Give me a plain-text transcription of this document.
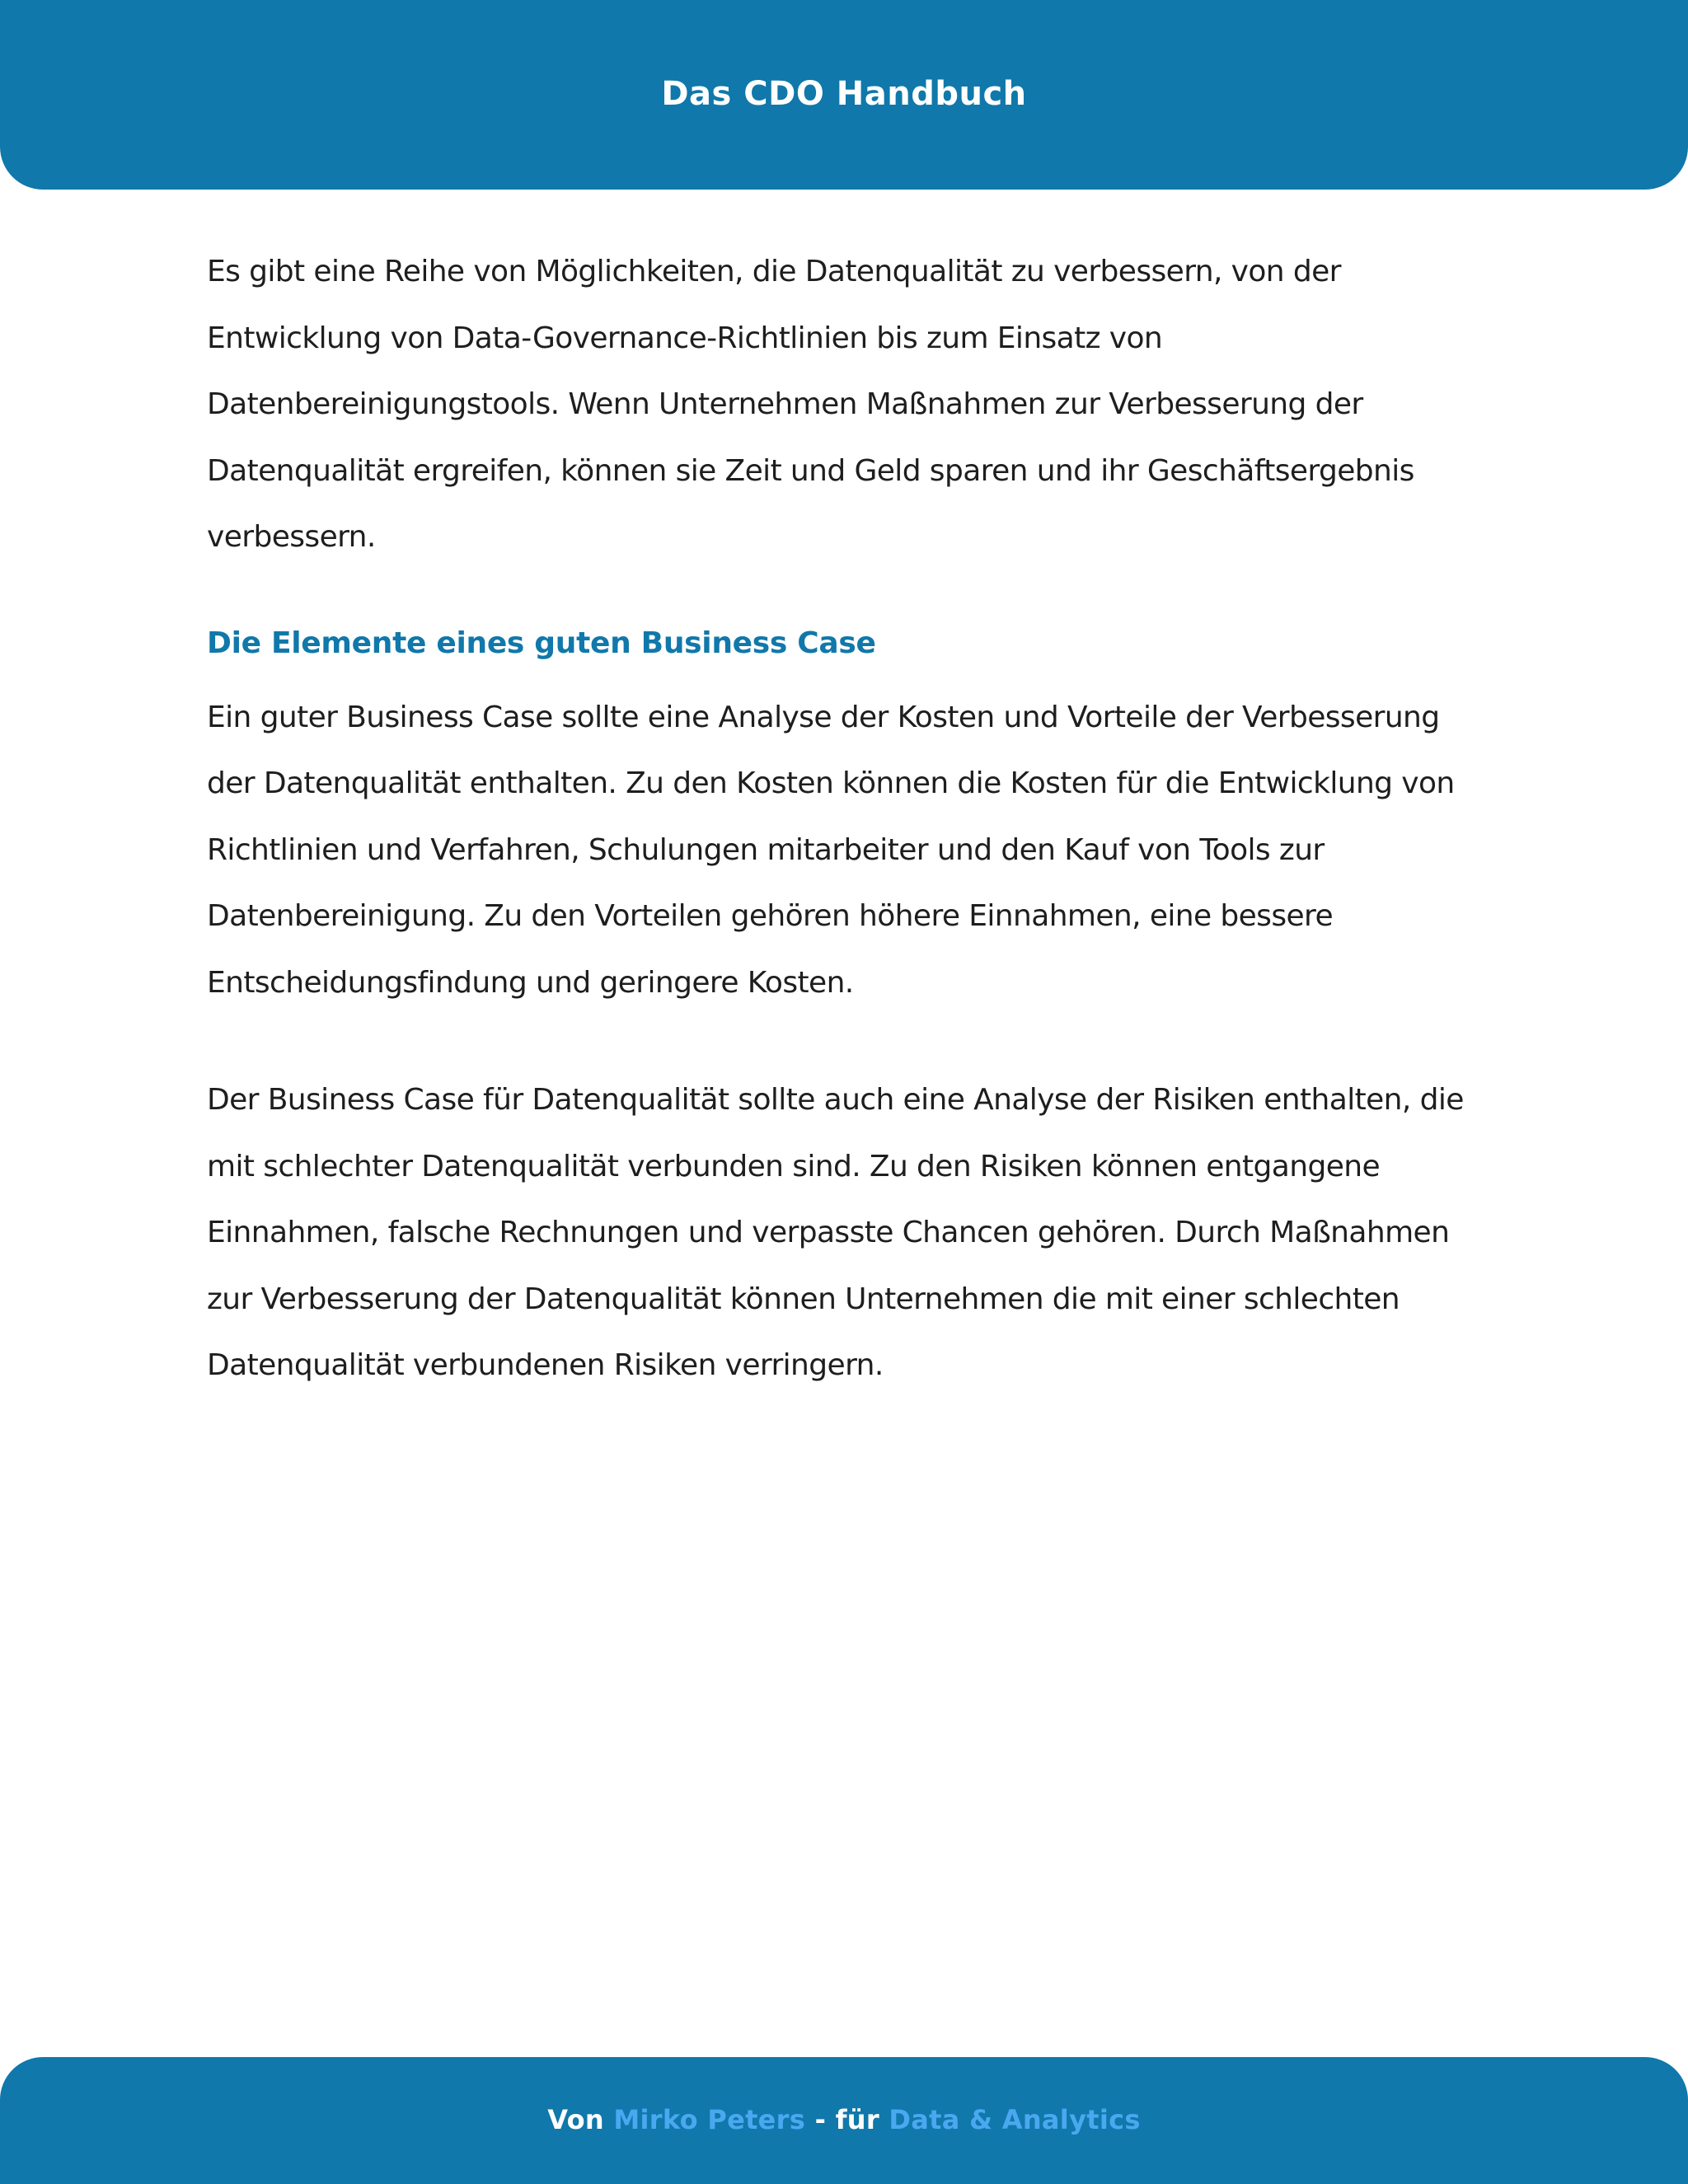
Das CDO Handbuch

Es gibt eine Reihe von Möglichkeiten, die Datenqualität zu verbessern, von der Entwicklung von Data-Governance-Richtlinien bis zum Einsatz von Datenbereinigungstools. Wenn Unternehmen Maßnahmen zur Verbesserung der Datenqualität ergreifen, können sie Zeit und Geld sparen und ihr Geschäftsergebnis verbessern.

Die Elemente eines guten Business Case

Ein guter Business Case sollte eine Analyse der Kosten und Vorteile der Verbesserung der Datenqualität enthalten. Zu den Kosten können die Kosten für die Entwicklung von Richtlinien und Verfahren, Schulungen mitarbeiter und den Kauf von Tools zur Datenbereinigung. Zu den Vorteilen gehören höhere Einnahmen, eine bessere Entscheidungsfindung und geringere Kosten.

Der Business Case für Datenqualität sollte auch eine Analyse der Risiken enthalten, die mit schlechter Datenqualität verbunden sind. Zu den Risiken können entgangene Einnahmen, falsche Rechnungen und verpasste Chancen gehören. Durch Maßnahmen zur Verbesserung der Datenqualität können Unternehmen die mit einer schlechten Datenqualität verbundenen Risiken verringern.

Von Mirko Peters - für Data & Analytics
